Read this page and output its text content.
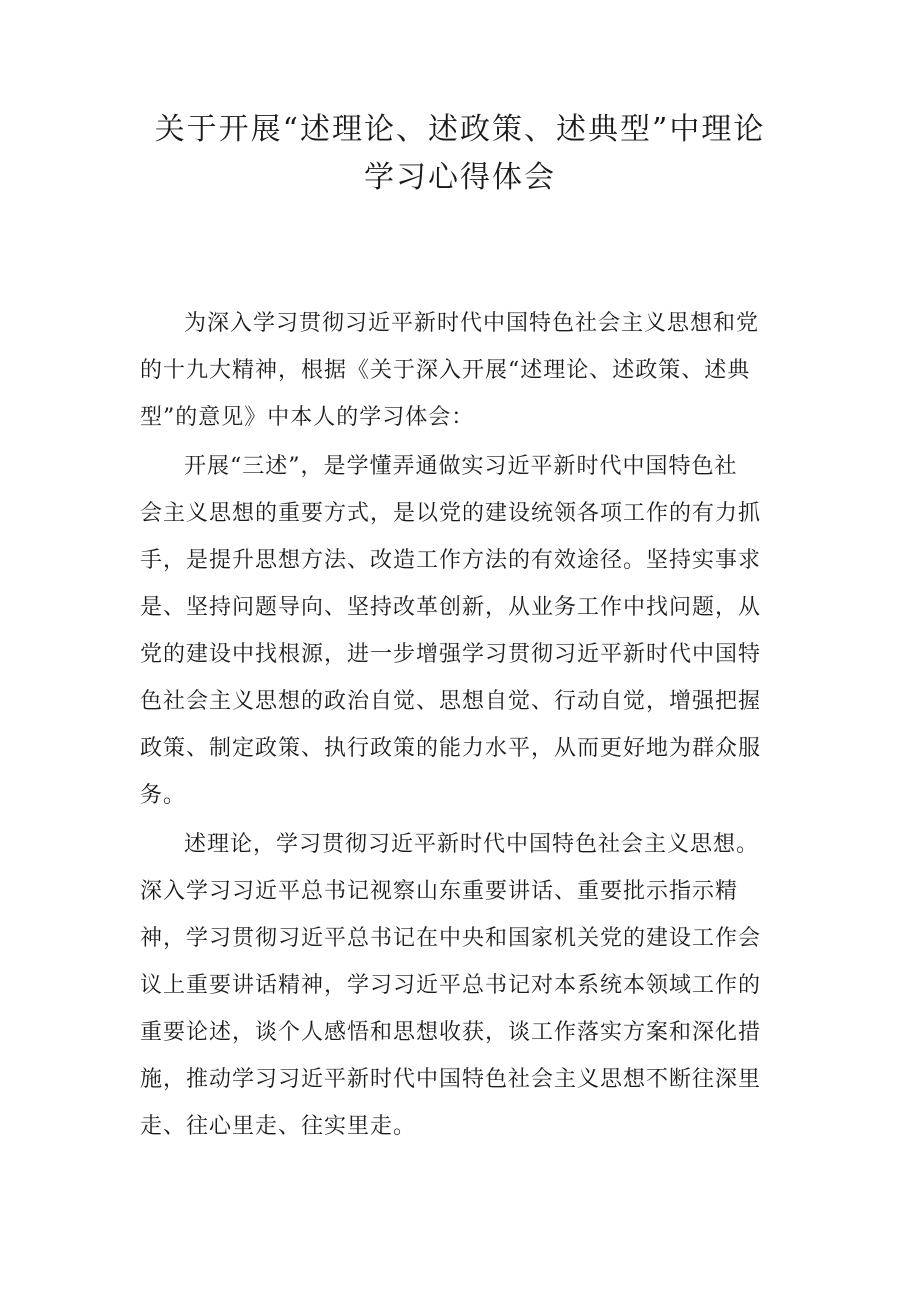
关于开展“述理论、述政策、述典型”中理论
学习心得体会

为深入学习贯彻习近平新时代中国特色社会主义思想和党
的十九大精神，根据《关于深入开展“述理论、述政策、述典
型”的意见》中本人的学习体会：

开展“三述”，是学懂弄通做实习近平新时代中国特色社
会主义思想的重要方式，是以党的建设统领各项工作的有力抓
手，是提升思想方法、改造工作方法的有效途径。坚持实事求
是、坚持问题导向、坚持改革创新，从业务工作中找问题，从
党的建设中找根源，进一步增强学习贯彻习近平新时代中国特
色社会主义思想的政治自觉、思想自觉、行动自觉，增强把握
政策、制定政策、执行政策的能力水平，从而更好地为群众服
务。

述理论，学习贯彻习近平新时代中国特色社会主义思想。
深入学习习近平总书记视察山东重要讲话、重要批示指示精
神，学习贯彻习近平总书记在中央和国家机关党的建设工作会
议上重要讲话精神，学习习近平总书记对本系统本领域工作的
重要论述，谈个人感悟和思想收获，谈工作落实方案和深化措
施，推动学习习近平新时代中国特色社会主义思想不断往深里
走、往心里走、往实里走。
